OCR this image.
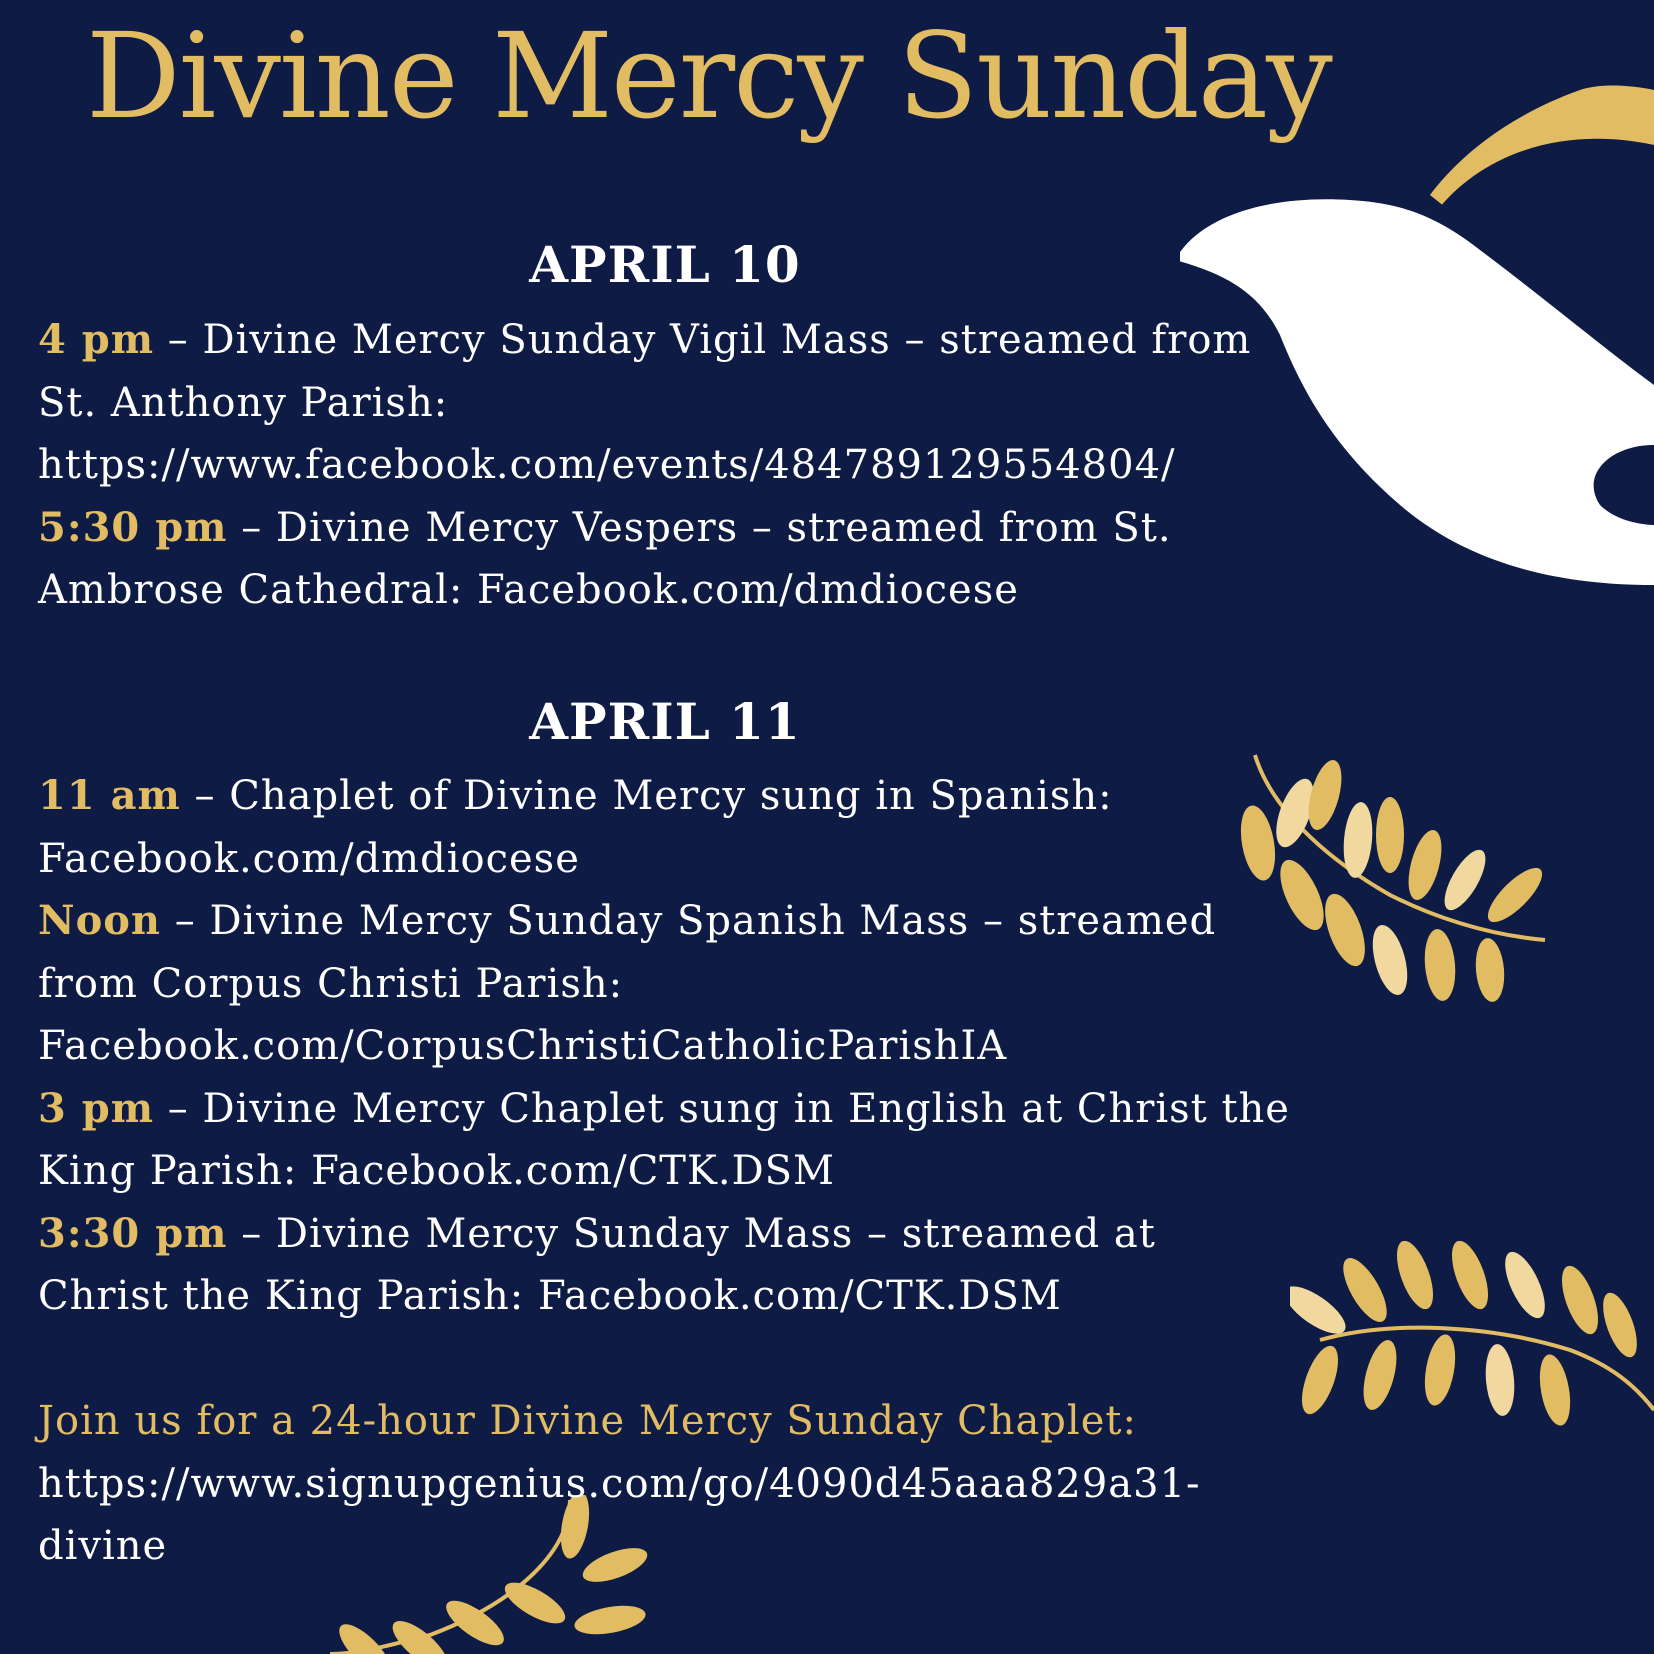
Divine Mercy Sunday
APRIL 10

4 pm – Divine Mercy Sunday Vigil Mass – streamed from St. Anthony Parish: https://www.facebook.com/events/484789129554804/

5:30 pm – Divine Mercy Vespers – streamed from St. Ambrose Cathedral: Facebook.com/dmdiocese

APRIL 11

11 am – Chaplet of Divine Mercy sung in Spanish: Facebook.com/dmdiocese

Noon – Divine Mercy Sunday Spanish Mass – streamed from Corpus Christi Parish: Facebook.com/CorpusChristiCatholicParishIA

3 pm – Divine Mercy Chaplet sung in English at Christ the King Parish: Facebook.com/CTK.DSM

3:30 pm – Divine Mercy Sunday Mass – streamed at Christ the King Parish: Facebook.com/CTK.DSM

Join us for a 24-hour Divine Mercy Sunday Chaplet:

https://www.signupgenius.com/go/4090d45aaa829a31-divine
